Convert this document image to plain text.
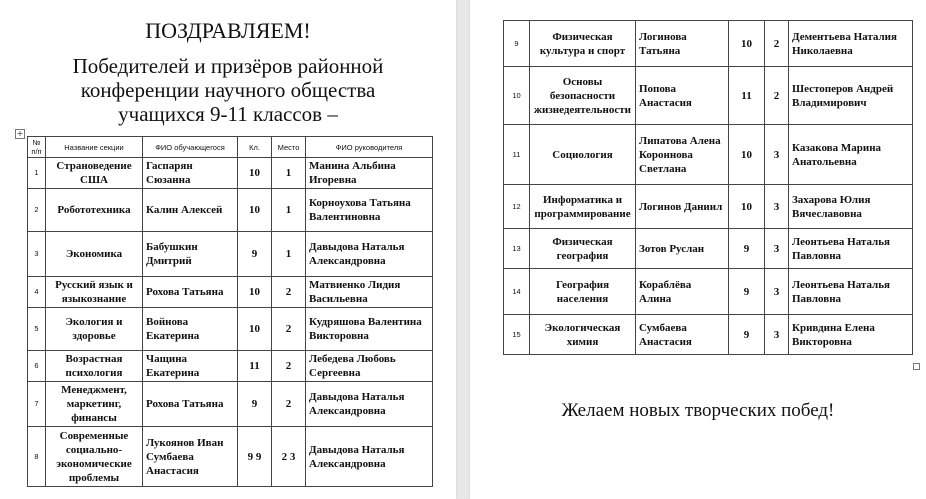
ПОЗДРАВЛЯЕМ!
Победителей и призёров районной конференции научного общества учащихся 9-11 классов –
+
№ п/п	Название секции	ФИО обучающегося	Кл.	Место	ФИО руководителя
1	Страноведение США	Гаспарян Сюзанна	10	1	Манина Альбина Игоревна
2	Робототехника	Калин Алексей	10	1	Корноухова Татьяна Валентиновна
3	Экономика	Бабушкин Дмитрий	9	1	Давыдова Наталья Александровна
4	Русский язык и языкознание	Рохова Татьяна	10	2	Матвиенко Лидия Васильевна
5	Экология и здоровье	Войнова Екатерина	10	2	Кудряшова Валентина Викторовна
6	Возрастная психология	Чащина Екатерина	11	2	Лебедева Любовь Сергеевна
7	Менеджмент, маркетинг, финансы	Рохова Татьяна	9	2	Давыдова Наталья Александровна
8	Современные социально-экономические проблемы	Лукоянов Иван Сумбаева Анастасия	9 9	2 3	Давыдова Наталья Александровна
9	Физическая культура и спорт	Логинова Татьяна	10	2	Дементьева Наталия Николаевна
10	Основы безопасности жизнедеятельности	Попова Анастасия	11	2	Шестоперов Андрей Владимирович
11	Социология	Липатова Алена Короннова Светлана	10	3	Казакова Марина Анатольевна
12	Информатика и программирование	Логинов Даниил	10	3	Захарова Юлия Вячеславовна
13	Физическая география	Зотов Руслан	9	3	Леонтьева Наталья Павловна
14	География населения	Кораблёва Алина	9	3	Леонтьева Наталья Павловна
15	Экологическая химия	Сумбаева Анастасия	9	3	Кривдина Елена Викторовна
Желаем новых творческих побед!
